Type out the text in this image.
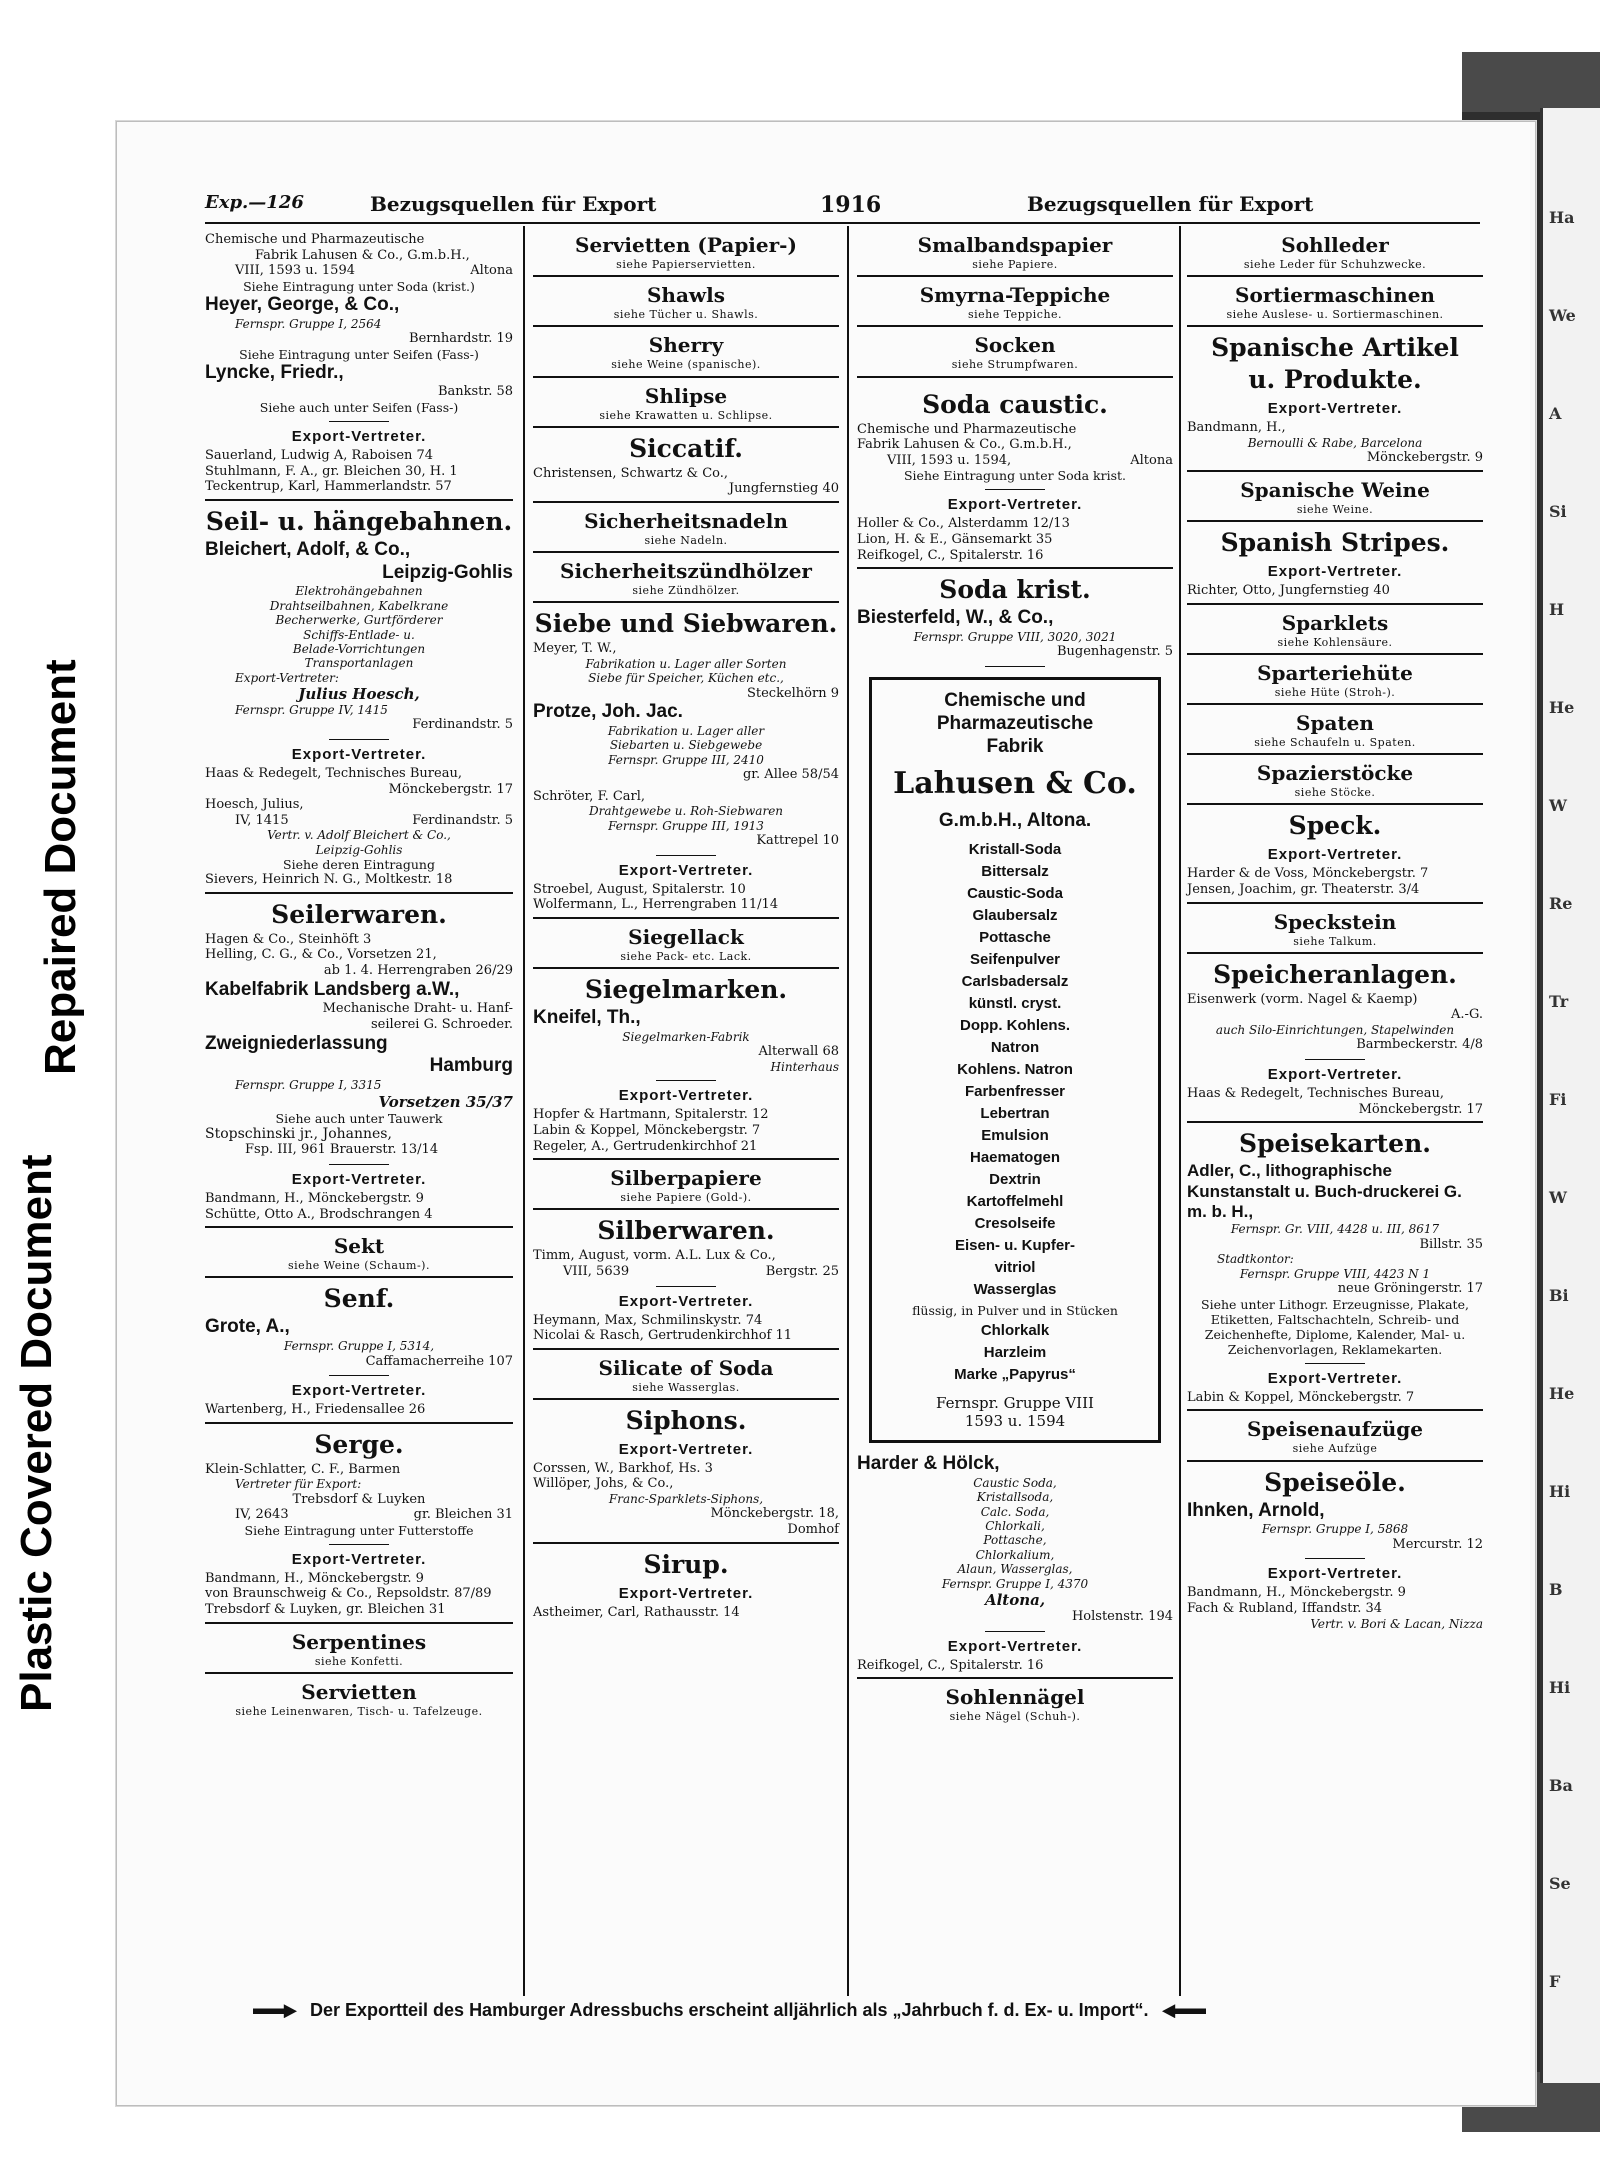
Repaired Document
Plastic Covered Document
Ha
We
A
Si
H
He
W
Re
Tr
Fi
W
Bi
He
Hi
B
Hi
Ba
Se
F
Exp.—126	Bezugsquellen für Export	1916	Bezugsquellen für Export
Chemische und Pharmazeutische
Fabrik Lahusen & Co., G.m.b.H.,
VIII, 1593 u. 1594	Altona
Siehe Eintragung unter Soda (krist.)
Heyer, George, & Co.,
Fernspr. Gruppe I, 2564
Bernhardstr. 19
Siehe Eintragung unter Seifen (Fass-)
Lyncke, Friedr.,
Bankstr. 58
Siehe auch unter Seifen (Fass-)
Export-Vertreter.
Sauerland, Ludwig A, Raboisen 74
Stuhlmann, F. A., gr. Bleichen 30, H. 1
Teckentrup, Karl, Hammerlandstr. 57
Seil- u. hängebahnen.
Bleichert, Adolf, & Co.,
Leipzig-Gohlis
Elektrohängebahnen
Drahtseilbahnen, Kabelkrane
Becherwerke, Gurtförderer
Schiffs-Entlade- u.
Belade-Vorrichtungen
Transportanlagen
Export-Vertreter:
Julius Hoesch,
Fernspr. Gruppe IV, 1415
Ferdinandstr. 5
Export-Vertreter.
Haas & Redegelt, Technisches Bureau,
Mönckebergstr. 17
Hoesch, Julius,
IV, 1415	Ferdinandstr. 5
Vertr. v. Adolf Bleichert & Co.,
Leipzig-Gohlis
Siehe deren Eintragung
Sievers, Heinrich N. G., Moltkestr. 18
Seilerwaren.
Hagen & Co., Steinhöft 3
Helling, C. G., & Co., Vorsetzen 21,
ab 1. 4. Herrengraben 26/29
Kabelfabrik Landsberg a.W.,
Mechanische Draht- u. Hanf-
seilerei G. Schroeder.
Zweigniederlassung
Hamburg
Fernspr. Gruppe I, 3315
Vorsetzen 35/37
Siehe auch unter Tauwerk
Stopschinski jr., Johannes,
Fsp. III, 961 Brauerstr. 13/14
Export-Vertreter.
Bandmann, H., Mönckebergstr. 9
Schütte, Otto A., Brodschrangen 4
Sekt
siehe Weine (Schaum-).
Senf.
Grote, A.,
Fernspr. Gruppe I, 5314,
Caffamacherreihe 107
Export-Vertreter.
Wartenberg, H., Friedensallee 26
Serge.
Klein-Schlatter, C. F., Barmen
Vertreter für Export:
Trebsdorf & Luyken
IV, 2643	gr. Bleichen 31
Siehe Eintragung unter Futterstoffe
Export-Vertreter.
Bandmann, H., Mönckebergstr. 9
von Braunschweig & Co., Repsoldstr. 87/89
Trebsdorf & Luyken, gr. Bleichen 31
Serpentines
siehe Konfetti.
Servietten
siehe Leinenwaren, Tisch- u. Tafelzeuge.
Servietten (Papier-)
siehe Papierservietten.
Shawls
siehe Tücher u. Shawls.
Sherry
siehe Weine (spanische).
Shlipse
siehe Krawatten u. Schlipse.
Siccatif.
Christensen, Schwartz & Co.,
Jungfernstieg 40
Sicherheitsnadeln
siehe Nadeln.
Sicherheitszündhölzer
siehe Zündhölzer.
Siebe und Siebwaren.
Meyer, T. W.,
Fabrikation u. Lager aller Sorten
Siebe für Speicher, Küchen etc.,
Steckelhörn 9
Protze, Joh. Jac.
Fabrikation u. Lager aller
Siebarten u. Siebgewebe
Fernspr. Gruppe III, 2410
gr. Allee 58/54
Schröter, F. Carl,
Drahtgewebe u. Roh-Siebwaren
Fernspr. Gruppe III, 1913
Kattrepel 10
Export-Vertreter.
Stroebel, August, Spitalerstr. 10
Wolfermann, L., Herrengraben 11/14
Siegellack
siehe Pack- etc. Lack.
Siegelmarken.
Kneifel, Th.,
Siegelmarken-Fabrik
Alterwall 68
Hinterhaus
Export-Vertreter.
Hopfer & Hartmann, Spitalerstr. 12
Labin & Koppel, Mönckebergstr. 7
Regeler, A., Gertrudenkirchhof 21
Silberpapiere
siehe Papiere (Gold-).
Silberwaren.
Timm, August, vorm. A.L. Lux & Co.,
VIII, 5639	Bergstr. 25
Export-Vertreter.
Heymann, Max, Schmilinskystr. 74
Nicolai & Rasch, Gertrudenkirchhof 11
Silicate of Soda
siehe Wasserglas.
Siphons.
Export-Vertreter.
Corssen, W., Barkhof, Hs. 3
Willöper, Johs, & Co.,
Franc-Sparklets-Siphons,
Mönckebergstr. 18,
Domhof
Sirup.
Export-Vertreter.
Astheimer, Carl, Rathausstr. 14
Smalbandspapier
siehe Papiere.
Smyrna-Teppiche
siehe Teppiche.
Socken
siehe Strumpfwaren.
Soda caustic.
Chemische und Pharmazeutische
Fabrik Lahusen & Co., G.m.b.H.,
VIII, 1593 u. 1594,	Altona
Siehe Eintragung unter Soda krist.
Export-Vertreter.
Holler & Co., Alsterdamm 12/13
Lion, H. & E., Gänsemarkt 35
Reifkogel, C., Spitalerstr. 16
Soda krist.
Biesterfeld, W., & Co.,
Fernspr. Gruppe VIII, 3020, 3021
Bugenhagenstr. 5
Chemische und
Pharmazeutische
Fabrik
Lahusen & Co.
G.m.b.H., Altona.
Kristall-Soda
Bittersalz
Caustic-Soda
Glaubersalz
Pottasche
Seifenpulver
Carlsbadersalz
künstl. cryst.
Dopp. Kohlens.
Natron
Kohlens. Natron
Farbenfresser
Lebertran
Emulsion
Haematogen
Dextrin
Kartoffelmehl
Cresolseife
Eisen- u. Kupfer-
vitriol
Wasserglas
flüssig, in Pulver und in Stücken
Chlorkalk
Harzleim
Marke „Papyrus“
Fernspr. Gruppe VIII
1593 u. 1594
Harder & Hölck,
Caustic Soda,
Kristallsoda,
Calc. Soda,
Chlorkali,
Pottasche,
Chlorkalium,
Alaun, Wasserglas,
Fernspr. Gruppe I, 4370
Altona,
Holstenstr. 194
Export-Vertreter.
Reifkogel, C., Spitalerstr. 16
Sohlennägel
siehe Nägel (Schuh-).
Sohlleder
siehe Leder für Schuhzwecke.
Sortiermaschinen
siehe Auslese- u. Sortiermaschinen.
Spanische Artikel
u. Produkte.
Export-Vertreter.
Bandmann, H.,
Bernoulli & Rabe, Barcelona
Mönckebergstr. 9
Spanische Weine
siehe Weine.
Spanish Stripes.
Export-Vertreter.
Richter, Otto, Jungfernstieg 40
Sparklets
siehe Kohlensäure.
Sparteriehüte
siehe Hüte (Stroh-).
Spaten
siehe Schaufeln u. Spaten.
Spazierstöcke
siehe Stöcke.
Speck.
Export-Vertreter.
Harder & de Voss, Mönckebergstr. 7
Jensen, Joachim, gr. Theaterstr. 3/4
Speckstein
siehe Talkum.
Speicheranlagen.
Eisenwerk (vorm. Nagel & Kaemp)
A.-G.
auch Silo-Einrichtungen, Stapelwinden
Barmbeckerstr. 4/8
Export-Vertreter.
Haas & Redegelt, Technisches Bureau,
Mönckebergstr. 17
Speisekarten.
Adler, C., lithographische Kunstanstalt u. Buch-druckerei G. m. b. H.,
Fernspr. Gr. VIII, 4428 u. III, 8617
Billstr. 35
Stadtkontor:
Fernspr. Gruppe VIII, 4423 N 1
neue Gröningerstr. 17
Siehe unter Lithogr. Erzeugnisse, Plakate, Etiketten, Faltschachteln, Schreib- und Zeichenhefte, Diplome, Kalender, Mal- u. Zeichenvorlagen, Reklamekarten.
Export-Vertreter.
Labin & Koppel, Mönckebergstr. 7
Speisenaufzüge
siehe Aufzüge
Speiseöle.
Ihnken, Arnold,
Fernspr. Gruppe I, 5868
Mercurstr. 12
Export-Vertreter.
Bandmann, H., Mönckebergstr. 9
Fach & Rubland, Iffandstr. 34
Vertr. v. Bori & Lacan, Nizza
Der Exportteil des Hamburger Adressbuchs erscheint alljährlich als „Jahrbuch f. d. Ex- u. Import“.
